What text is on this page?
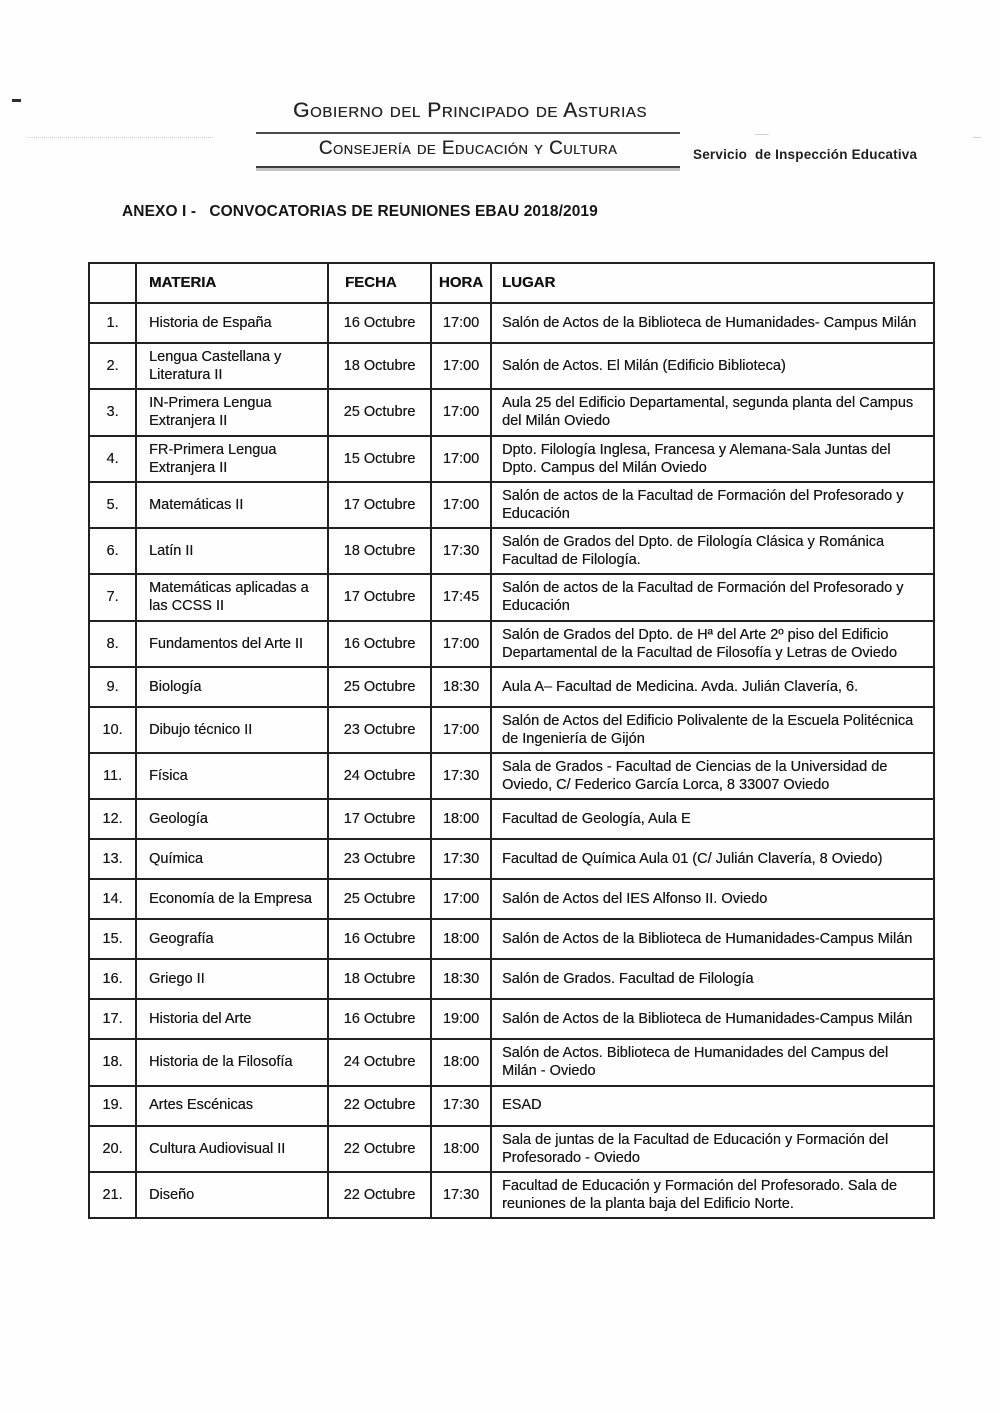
Gobierno del Principado de Asturias
Consejería de Educación y Cultura	Servicio  de Inspección Educativa
ANEXO I -   CONVOCATORIAS DE REUNIONES EBAU 2018/2019
	MATERIA	FECHA	HORA	LUGAR
1.	Historia de España	16 Octubre	17:00	Salón de Actos de la Biblioteca de Humanidades- Campus Milán
2.	Lengua Castellana y Literatura II	18 Octubre	17:00	Salón de Actos. El Milán (Edificio Biblioteca)
3.	IN-Primera Lengua Extranjera II	25 Octubre	17:00	Aula 25 del Edificio Departamental, segunda planta del Campus del Milán Oviedo
4.	FR-Primera Lengua Extranjera II	15 Octubre	17:00	Dpto. Filología Inglesa, Francesa y Alemana-Sala Juntas del Dpto. Campus del Milán Oviedo
5.	Matemáticas II	17 Octubre	17:00	Salón de actos de la Facultad de Formación del Profesorado y Educación
6.	Latín II	18 Octubre	17:30	Salón de Grados del Dpto. de Filología Clásica y Románica Facultad de Filología.
7.	Matemáticas aplicadas a las CCSS II	17 Octubre	17:45	Salón de actos de la Facultad de Formación del Profesorado y Educación
8.	Fundamentos del Arte II	16 Octubre	17:00	Salón de Grados del Dpto. de Hª del Arte 2º piso del Edificio Departamental de la Facultad de Filosofía y Letras de Oviedo
9.	Biología	25 Octubre	18:30	Aula A– Facultad de Medicina. Avda. Julián Clavería, 6.
10.	Dibujo técnico II	23 Octubre	17:00	Salón de Actos del Edificio Polivalente de la Escuela Politécnica de Ingeniería de Gijón
11.	Física	24 Octubre	17:30	Sala de Grados - Facultad de Ciencias de la Universidad de Oviedo, C/ Federico García Lorca, 8 33007 Oviedo
12.	Geología	17 Octubre	18:00	Facultad de Geología, Aula E
13.	Química	23 Octubre	17:30	Facultad de Química Aula 01 (C/ Julián Clavería, 8 Oviedo)
14.	Economía de la Empresa	25 Octubre	17:00	Salón de Actos del IES Alfonso II. Oviedo
15.	Geografía	16 Octubre	18:00	Salón de Actos de la Biblioteca de Humanidades-Campus Milán
16.	Griego II	18 Octubre	18:30	Salón de Grados. Facultad de Filología
17.	Historia del Arte	16 Octubre	19:00	Salón de Actos de la Biblioteca de Humanidades-Campus Milán
18.	Historia de la Filosofía	24 Octubre	18:00	Salón de Actos. Biblioteca de Humanidades del Campus del Milán - Oviedo
19.	Artes Escénicas	22 Octubre	17:30	ESAD
20.	Cultura Audiovisual II	22 Octubre	18:00	Sala de juntas de la Facultad de Educación y Formación del Profesorado - Oviedo
21.	Diseño	22 Octubre	17:30	Facultad de Educación y Formación del Profesorado. Sala de reuniones de la planta baja del Edificio Norte.
